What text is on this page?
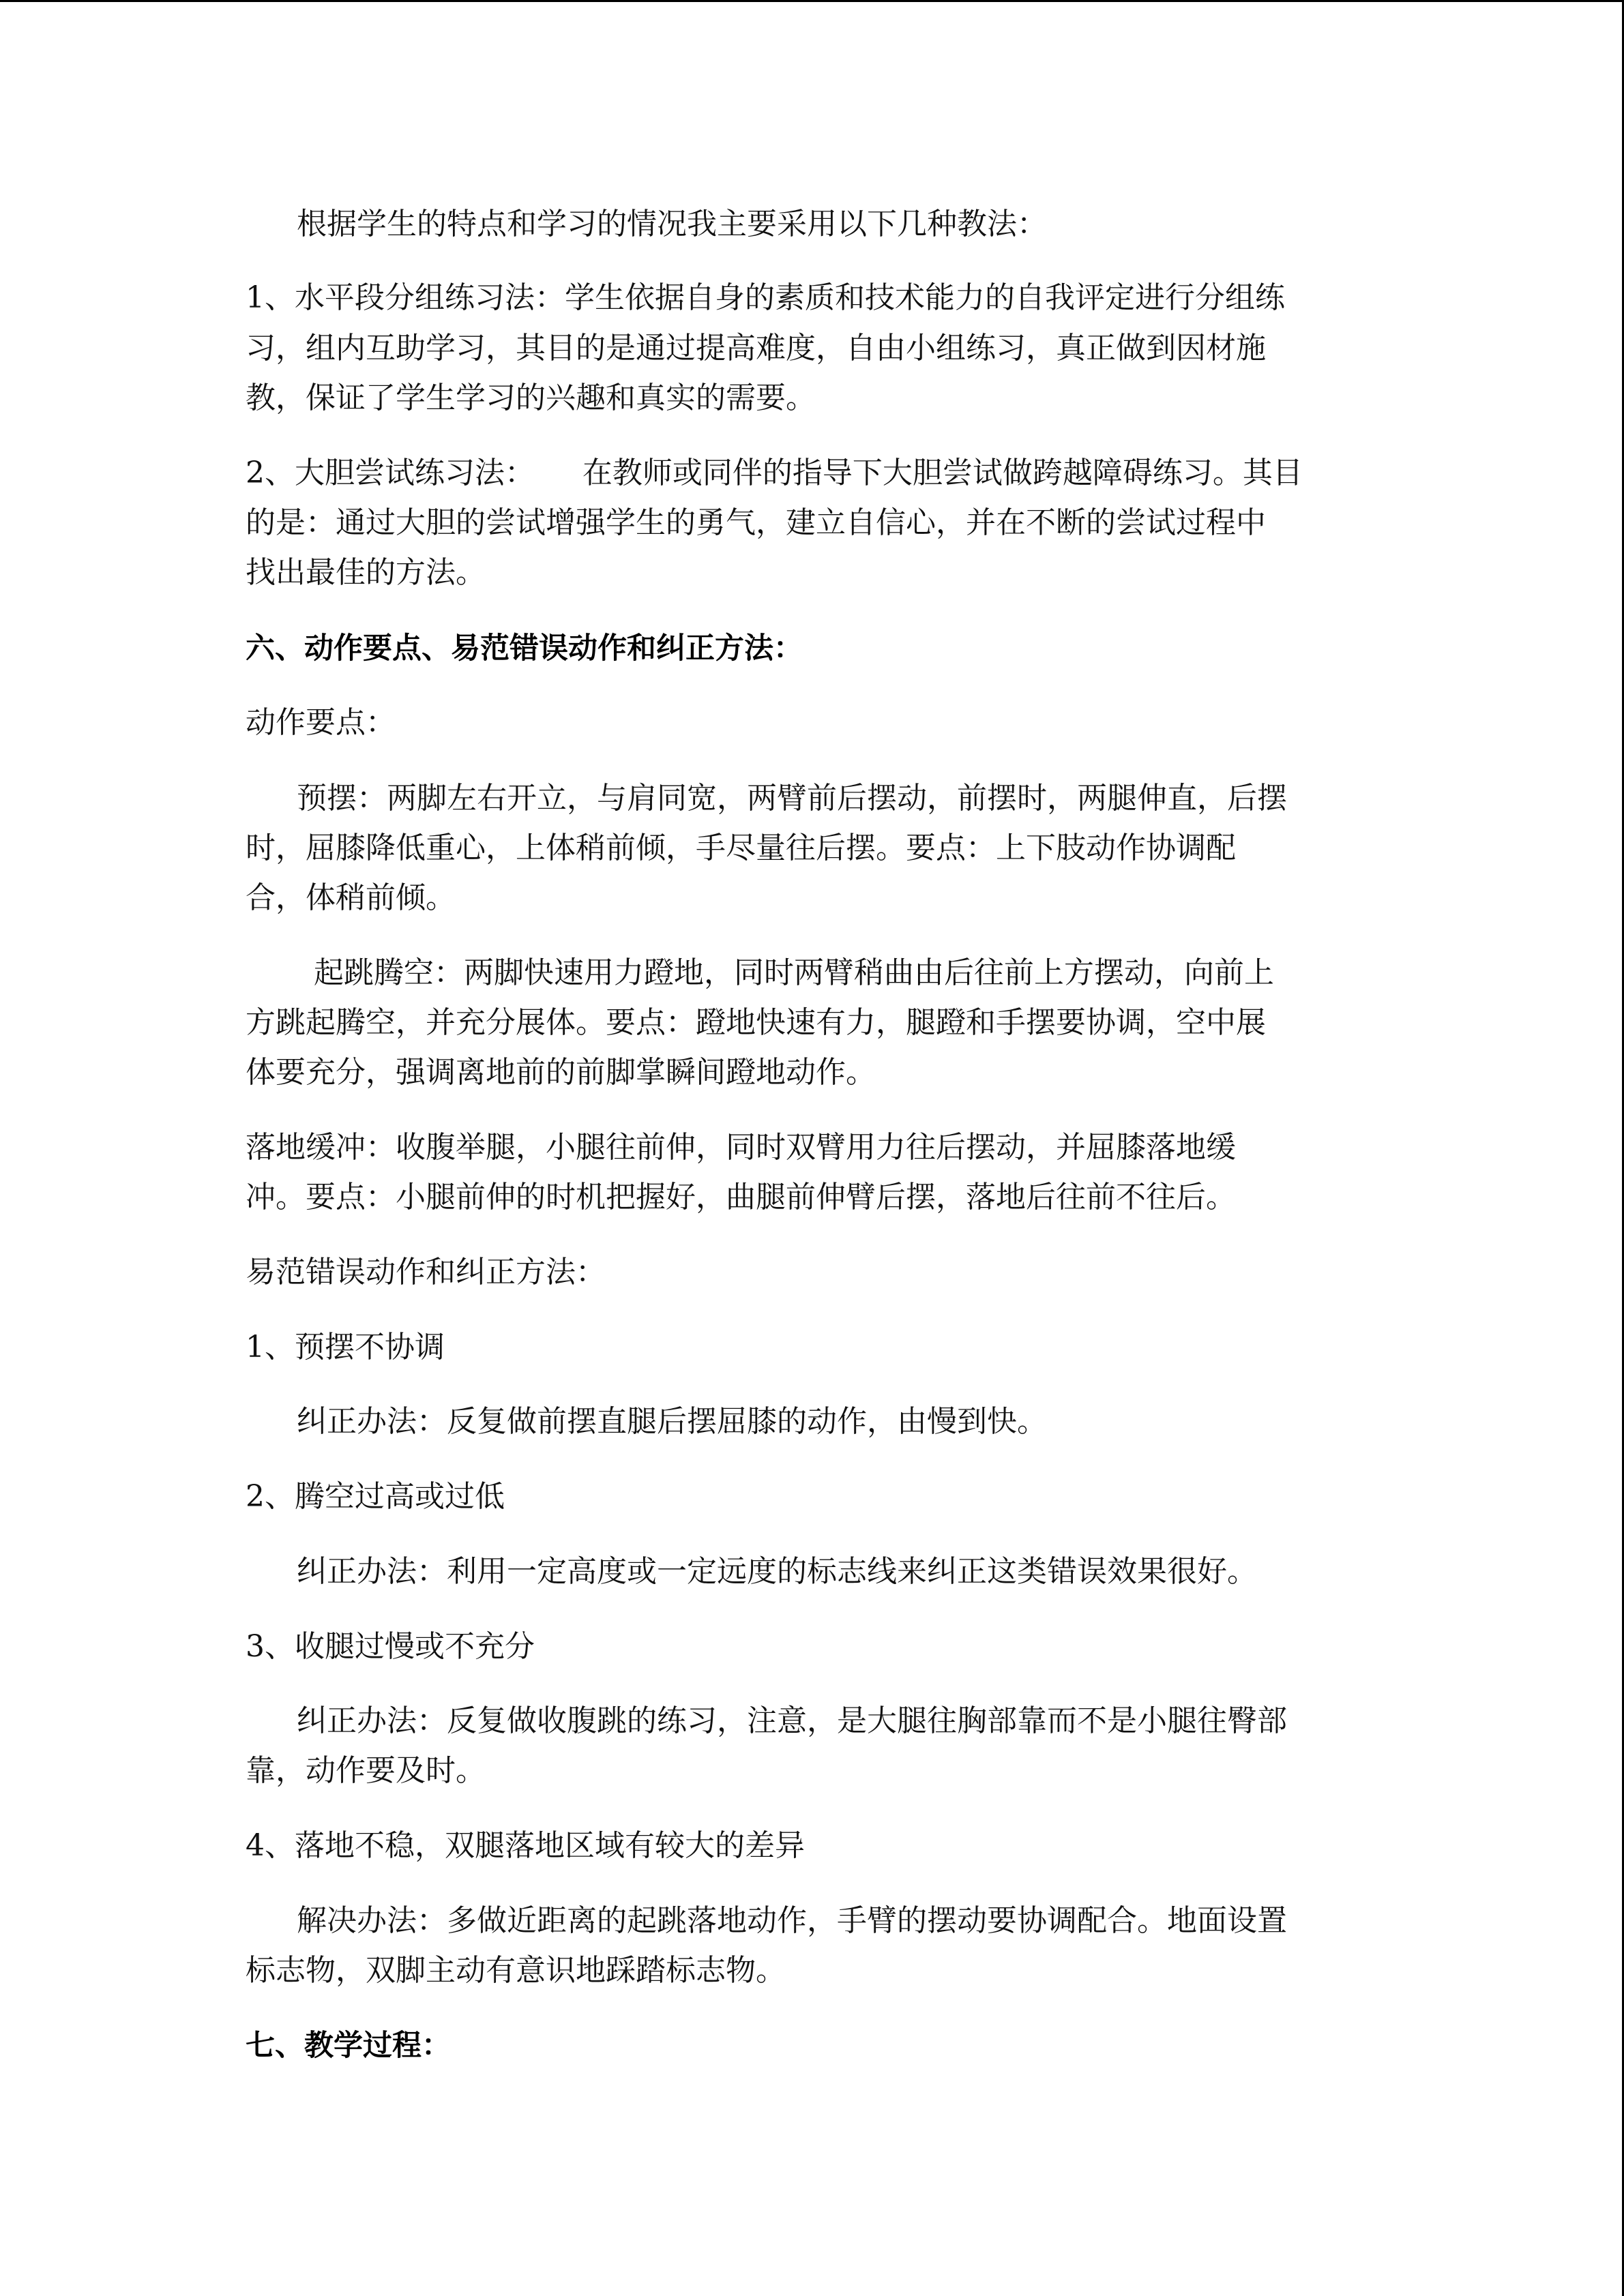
根据学生的特点和学习的情况我主要采用以下几种教法：

1、水平段分组练习法：学生依据自身的素质和技术能力的自我评定进行分组练

习，组内互助学习，其目的是通过提高难度，自由小组练习，真正做到因材施

教，保证了学生学习的兴趣和真实的需要。

2、大胆尝试练习法：     在教师或同伴的指导下大胆尝试做跨越障碍练习。其目

的是：通过大胆的尝试增强学生的勇气，建立自信心，并在不断的尝试过程中

找出最佳的方法。

六、动作要点、易范错误动作和纠正方法：

动作要点：

预摆：两脚左右开立，与肩同宽，两臂前后摆动，前摆时，两腿伸直，后摆

时，屈膝降低重心，上体稍前倾，手尽量往后摆。要点：上下肢动作协调配

合，体稍前倾。

起跳腾空：两脚快速用力蹬地，同时两臂稍曲由后往前上方摆动，向前上

方跳起腾空，并充分展体。要点：蹬地快速有力，腿蹬和手摆要协调，空中展

体要充分，强调离地前的前脚掌瞬间蹬地动作。

落地缓冲：收腹举腿，小腿往前伸，同时双臂用力往后摆动，并屈膝落地缓

冲。要点：小腿前伸的时机把握好，曲腿前伸臂后摆，落地后往前不往后。

易范错误动作和纠正方法：

1、预摆不协调

纠正办法：反复做前摆直腿后摆屈膝的动作，由慢到快。

2、腾空过高或过低

纠正办法：利用一定高度或一定远度的标志线来纠正这类错误效果很好。

3、收腿过慢或不充分

纠正办法：反复做收腹跳的练习，注意，是大腿往胸部靠而不是小腿往臀部

靠，动作要及时。

4、落地不稳，双腿落地区域有较大的差异

解决办法：多做近距离的起跳落地动作，手臂的摆动要协调配合。地面设置

标志物，双脚主动有意识地踩踏标志物。

七、教学过程：
